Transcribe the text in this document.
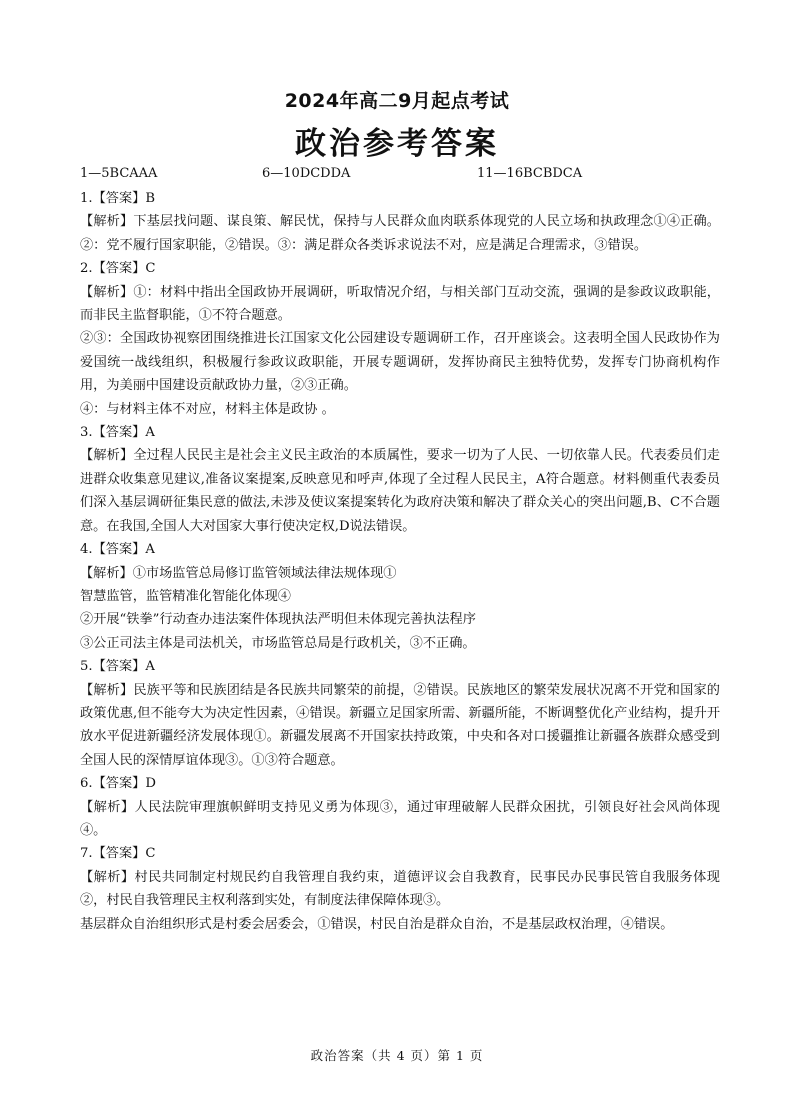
2024年高二9月起点考试
政治参考答案
1—5BCAAA	6—10DCDDA	11—16BCBDCA

1.【答案】B

【解析】下基层找问题、谋良策、解民忧，保持与人民群众血肉联系体现党的人民立场和执政理念①④正确。②：党不履行国家职能，②错误。③：满足群众各类诉求说法不对，应是满足合理需求，③错误。

2.【答案】C

【解析】①：材料中指出全国政协开展调研，听取情况介绍，与相关部门互动交流，强调的是参政议政职能，而非民主监督职能，①不符合题意。

②③：全国政协视察团围绕推进长江国家文化公园建设专题调研工作，召开座谈会。这表明全国人民政协作为爱国统一战线组织，积极履行参政议政职能，开展专题调研，发挥协商民主独特优势，发挥专门协商机构作用，为美丽中国建设贡献政协力量，②③正确。

④：与材料主体不对应，材料主体是政协 。

3.【答案】A

【解析】全过程人民民主是社会主义民主政治的本质属性，要求一切为了人民、一切依靠人民。代表委员们走进群众收集意见建议,准备议案提案,反映意见和呼声,体现了全过程人民民主，A符合题意。材料侧重代表委员们深入基层调研征集民意的做法,未涉及使议案提案转化为政府决策和解决了群众关心的突出问题,B、C不合题意。在我国,全国人大对国家大事行使决定权,D说法错误。

4.【答案】A

【解析】①市场监管总局修订监管领域法律法规体现①

智慧监管，监管精准化智能化体现④

②开展“铁拳”行动查办违法案件体现执法严明但未体现完善执法程序

③公正司法主体是司法机关，市场监管总局是行政机关，③不正确。

5.【答案】A

【解析】民族平等和民族团结是各民族共同繁荣的前提，②错误。民族地区的繁荣发展状况离不开党和国家的政策优惠,但不能夸大为决定性因素，④错误。新疆立足国家所需、新疆所能，不断调整优化产业结构，提升开放水平促进新疆经济发展体现①。新疆发展离不开国家扶持政策，中央和各对口援疆推让新疆各族群众感受到全国人民的深情厚谊体现③。①③符合题意。

6.【答案】D

【解析】人民法院审理旗帜鲜明支持见义勇为体现③，通过审理破解人民群众困扰，引领良好社会风尚体现④。

7.【答案】C

【解析】村民共同制定村规民约自我管理自我约束，道德评议会自我教育，民事民办民事民管自我服务体现②，村民自我管理民主权利落到实处，有制度法律保障体现③。

基层群众自治组织形式是村委会居委会，①错误，村民自治是群众自治，不是基层政权治理，④错误。

政治答案（共 4 页）第 1 页
